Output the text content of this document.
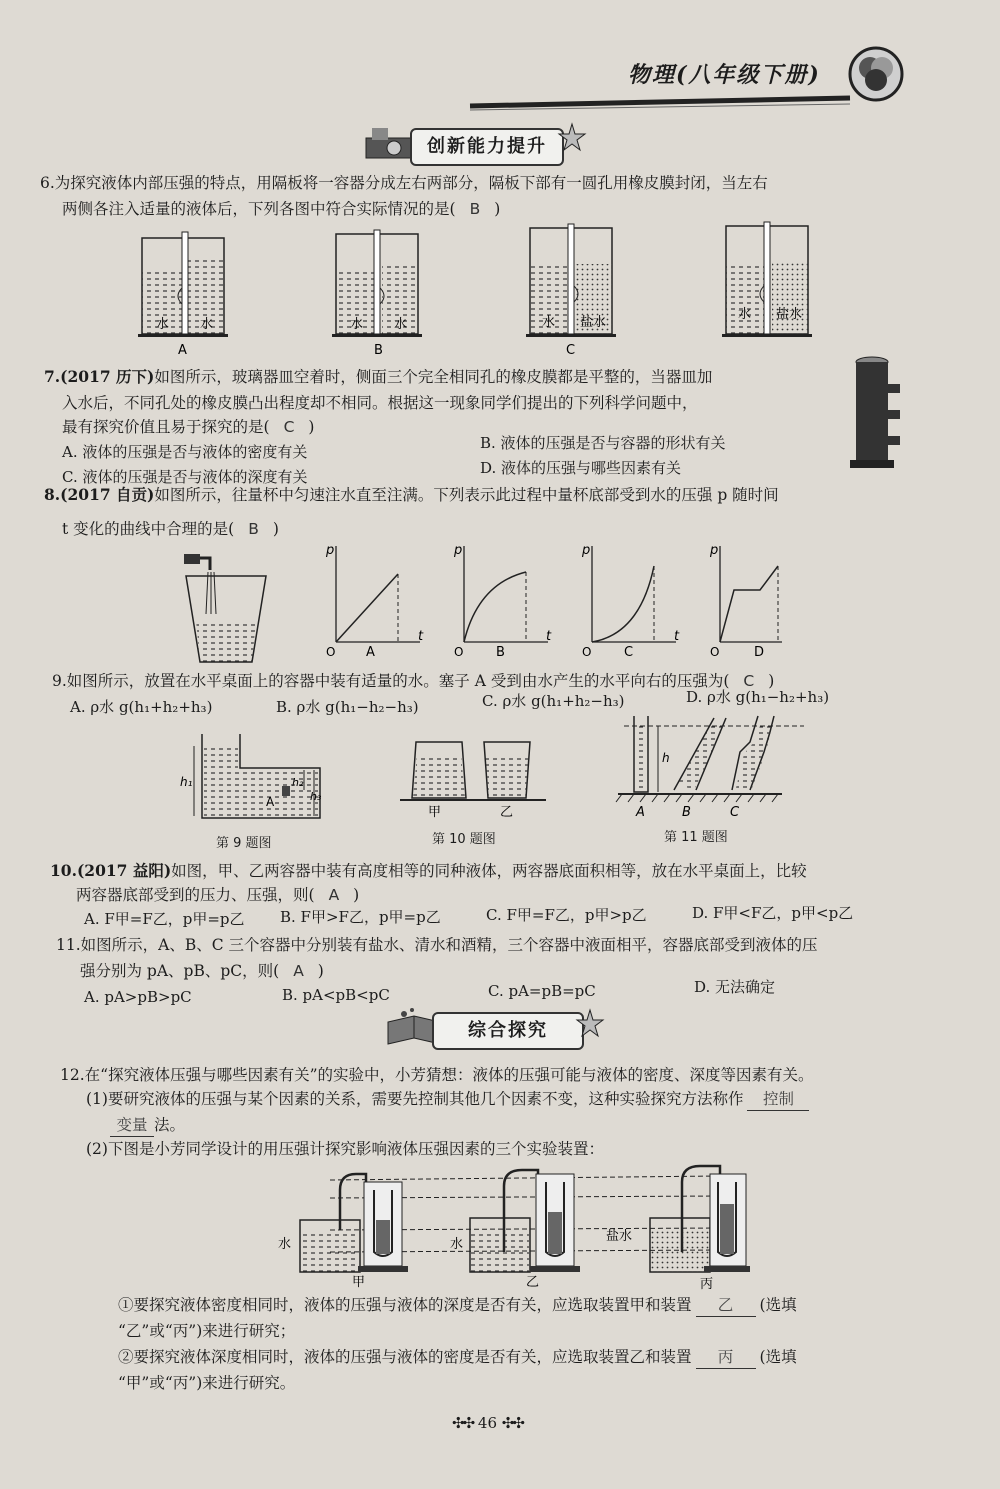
物理(八年级下册)
创新能力提升
6.为探究液体内部压强的特点，用隔板将一容器分成左右两部分，隔板下部有一圆孔用橡皮膜封闭，当左右
两侧各注入适量的液体后，下列各图中符合实际情况的是( B )
水 水
A
水 水
B
水 盐水
C
水 盐水
7.(2017 历下)如图所示，玻璃器皿空着时，侧面三个完全相同孔的橡皮膜都是平整的，当器皿加
入水后，不同孔处的橡皮膜凸出程度却不相同。根据这一现象同学们提出的下列科学问题中，
最有探究价值且易于探究的是( C )
A. 液体的压强是否与液体的密度有关	B. 液体的压强是否与容器的形状有关
C. 液体的压强是否与液体的深度有关	D. 液体的压强与哪些因素有关
8.(2017 自贡)如图所示，往量杯中匀速注水直至注满。下列表示此过程中量杯底部受到水的压强 p 随时间
t 变化的曲线中合理的是( B )
p
t
O A
p
t
O	B
p
t
O	C
p
O	D
9.如图所示，放置在水平桌面上的容器中装有适量的水。塞子 A 受到由水产生的水平向右的压强为( C )
A. ρ水 g(h₁+h₂+h₃)	B. ρ水 g(h₁−h₂−h₃)	C. ρ水 g(h₁+h₂−h₃)	D. ρ水 g(h₁−h₂+h₃)
h₁	h₂
h₃
A
第 9 题图
甲	乙
第 10 题图
h
A	B	C
第 11 题图
10.(2017 益阳)如图，甲、乙两容器中装有高度相等的同种液体，两容器底面积相等，放在水平桌面上，比较
两容器底部受到的压力、压强，则( A )
A. F甲=F乙，p甲=p乙 B. F甲>F乙，p甲=p乙	C. F甲=F乙，p甲>p乙	D. F甲<F乙，p甲<p乙
11.如图所示，A、B、C 三个容器中分别装有盐水、清水和酒精，三个容器中液面相平，容器底部受到液体的压
强分别为 pA、pB、pC，则( A )
A. pA>pB>pC	B. pA<pB<pC	C. pA=pB=pC	D. 无法确定
综合探究
12.在“探究液体压强与哪些因素有关”的实验中，小芳猜想：液体的压强可能与液体的密度、深度等因素有关。
(1)要研究液体的压强与某个因素的关系，需要先控制其他几个因素不变，这种实验探究方法称作 控制
变量 法。
(2)下图是小芳同学设计的用压强计探究影响液体压强因素的三个实验装置：
水
甲
水
乙
盐水
丙
①要探究液体密度相同时，液体的压强与液体的深度是否有关，应选取装置甲和装置 乙 (选填
“乙”或“丙”)来进行研究；
②要探究液体深度相同时，液体的压强与液体的密度是否有关，应选取装置乙和装置 丙 (选填
“甲”或“丙”)来进行研究。
✣✣ 46 ✣✣
